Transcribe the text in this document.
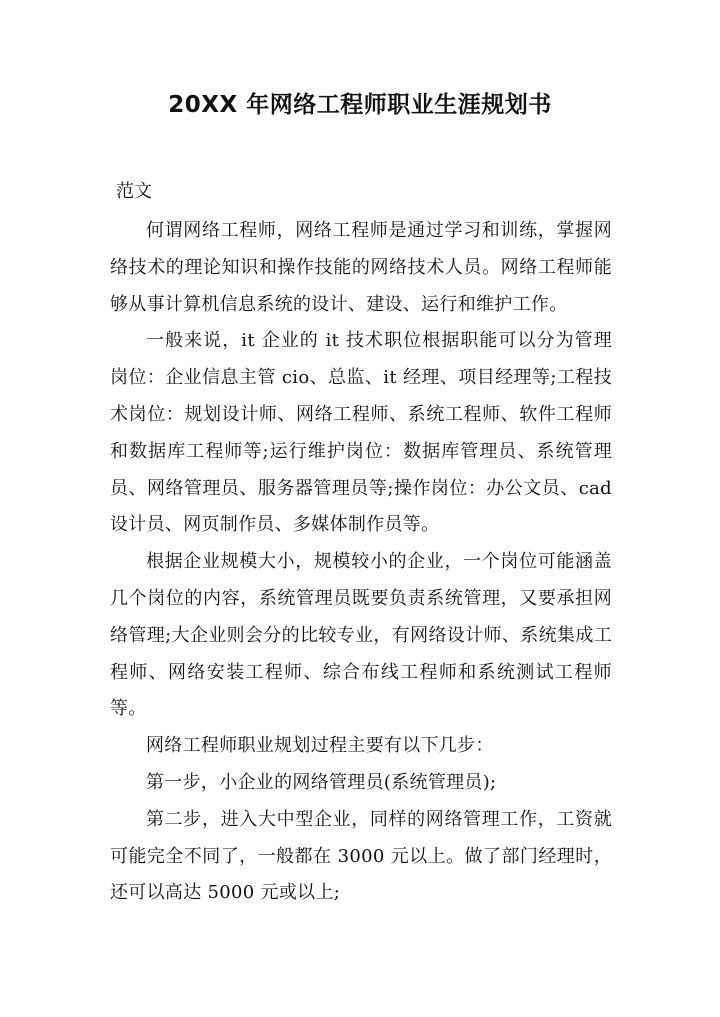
20XX 年网络工程师职业生涯规划书
范文

何谓网络工程师，网络工程师是通过学习和训练，掌握网络技术的理论知识和操作技能的网络技术人员。网络工程师能够从事计算机信息系统的设计、建设、运行和维护工作。

一般来说，it 企业的 it 技术职位根据职能可以分为管理岗位：企业信息主管 cio、总监、it 经理、项目经理等;工程技术岗位：规划设计师、网络工程师、系统工程师、软件工程师和数据库工程师等;运行维护岗位：数据库管理员、系统管理员、网络管理员、服务器管理员等;操作岗位：办公文员、cad 设计员、网页制作员、多媒体制作员等。

根据企业规模大小，规模较小的企业，一个岗位可能涵盖几个岗位的内容，系统管理员既要负责系统管理，又要承担网络管理;大企业则会分的比较专业，有网络设计师、系统集成工程师、网络安装工程师、综合布线工程师和系统测试工程师等。

网络工程师职业规划过程主要有以下几步：

第一步，小企业的网络管理员(系统管理员);

第二步，进入大中型企业，同样的网络管理工作，工资就可能完全不同了，一般都在 3000 元以上。做了部门经理时，还可以高达 5000 元或以上;
